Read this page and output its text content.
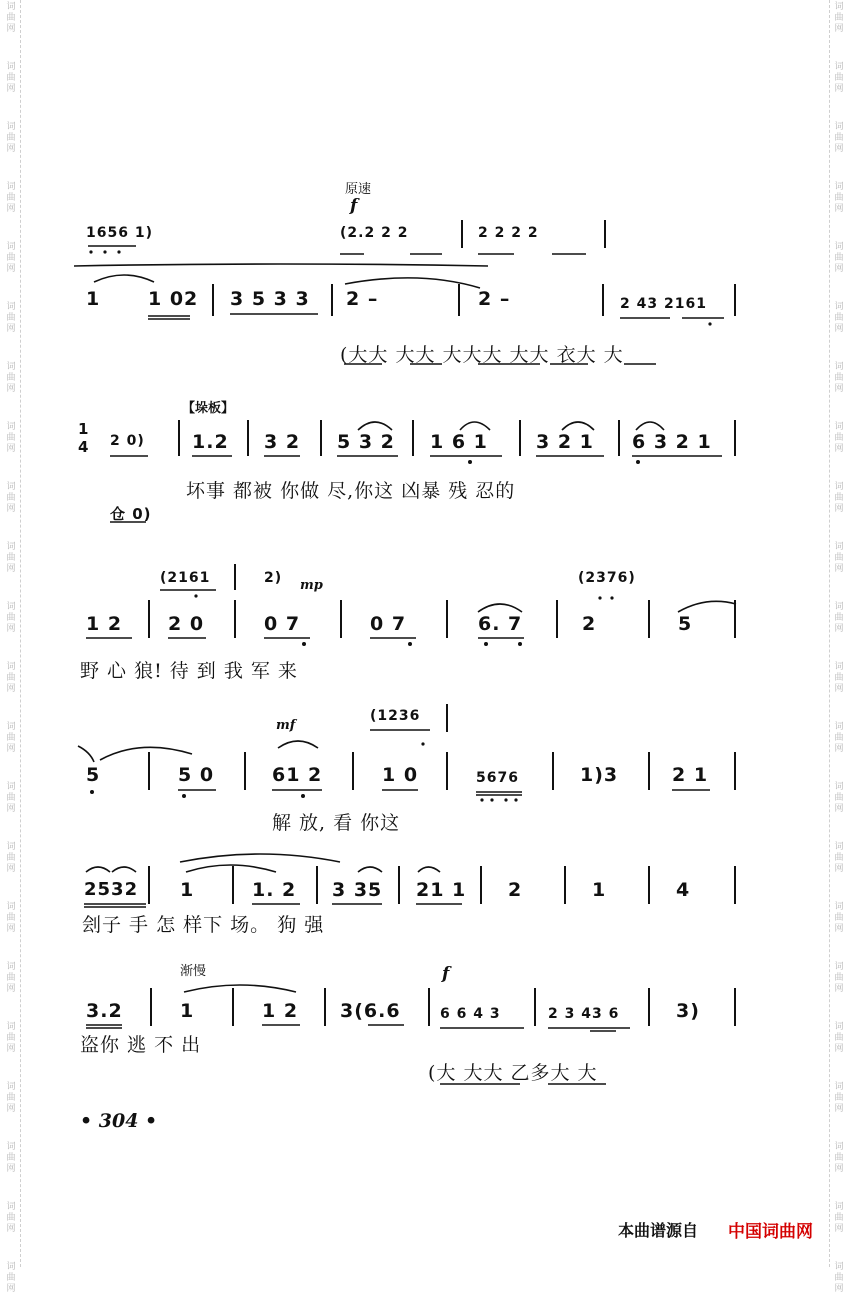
词
曲
网
词
曲
网
词
曲
网
词
曲
网
词
曲
网
词
曲
网
词
曲
网
词
曲
网
词
曲
网
词
曲
网
词
曲
网
词
曲
网
词
曲
网
词
曲
网
词
曲
网
词
曲
网
词
曲
网
词
曲
网
词
曲
网
词
曲
网
词
曲
网
词
曲
网
词
曲
网
词
曲
网
词
曲
网
词
曲
网
词
曲
网
词
曲
网
词
曲
网
词
曲
网
词
曲
网
词
曲
网
词
曲
网
词
曲
网
词
曲
网
词
曲
网
词
曲
网
词
曲
网
词
曲
网
词
曲
网
词
曲
网
词
曲
网
词
曲
网
词
曲
网
原速
f
1656 1)	(2.2 2 2	2 2 2 2
1	1 02 3 5 3 3 2 –	2 –	2 43 2161
(大大 大大 大大大 大大 衣大 大
【垛板】
1
4 2 0) 1.2 3 2 5 3 2 1 6 1	3 2 1 6 3 2 1
坏事 都被 你做 尽,你这 凶暴 残 忍的
仓 0)
(2161	2) mp	(2376)
1 2 2 0	0 7	0 7	6. 7	2	5
野 心 狼! 待 到 我 军 来
mf
(1236
5	5 0	61 2	1 0	5676	1)3	2 1
解 放, 看 你这
2532 1	1. 2 3 35 21 1 2	1	4
刽子 手 怎 样下 场。 狗 强
渐慢	f
3.2	1	1 2 3(6.6	6 6 4 3	2 3 43 6	3)
盗你 逃 不 出
(大 大大 乙多大 大
• 304 •
本曲谱源自 中国词曲网
